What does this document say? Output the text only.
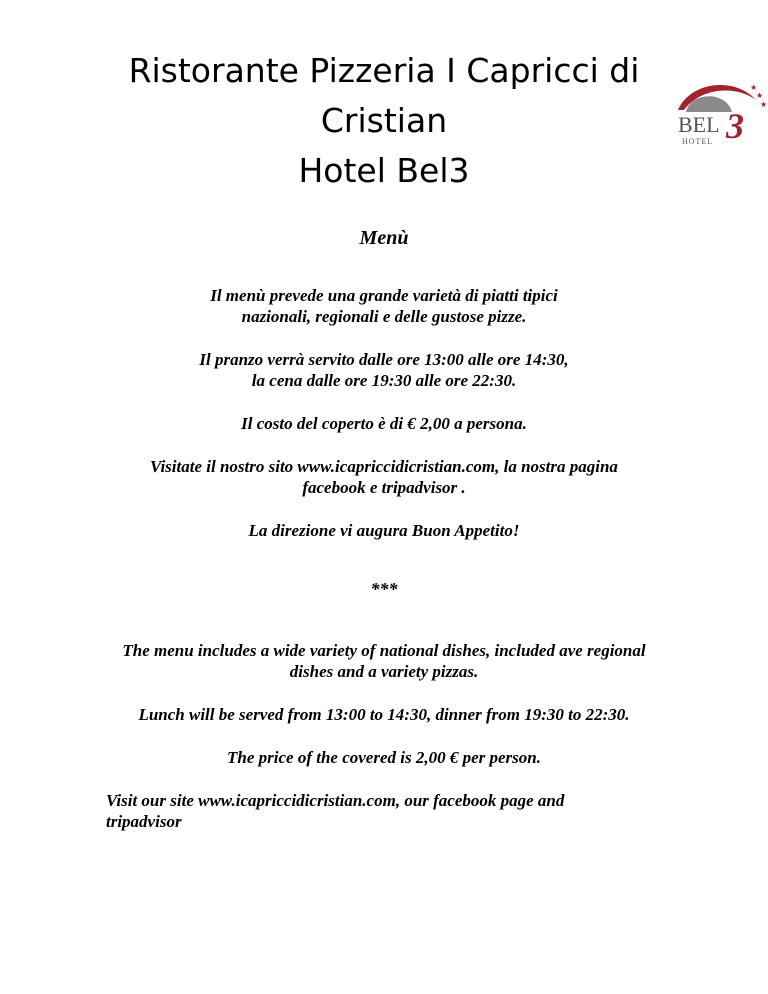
Ristorante Pizzeria I Capricci di
Cristian
Hotel Bel3
★
★
★
BEL 3
HOTEL
Menù
Il menù prevede una grande varietà di piatti tipici
nazionali, regionali e delle gustose pizze.
Il pranzo verrà servito dalle ore 13:00 alle ore 14:30,
la cena dalle ore 19:30 alle ore 22:30.
Il costo del coperto è di € 2,00 a persona.
Visitate il nostro sito www.icapriccidicristian.com, la nostra pagina
facebook e tripadvisor .
La direzione vi augura Buon Appetito!
***
The menu includes a wide variety of national dishes, included ave regional
dishes and a variety pizzas.
Lunch will be served from 13:00 to 14:30, dinner from 19:30 to 22:30.
The price of the covered is 2,00 € per person.
Visit our site www.icapriccidicristian.com, our facebook page and
tripadvisor
